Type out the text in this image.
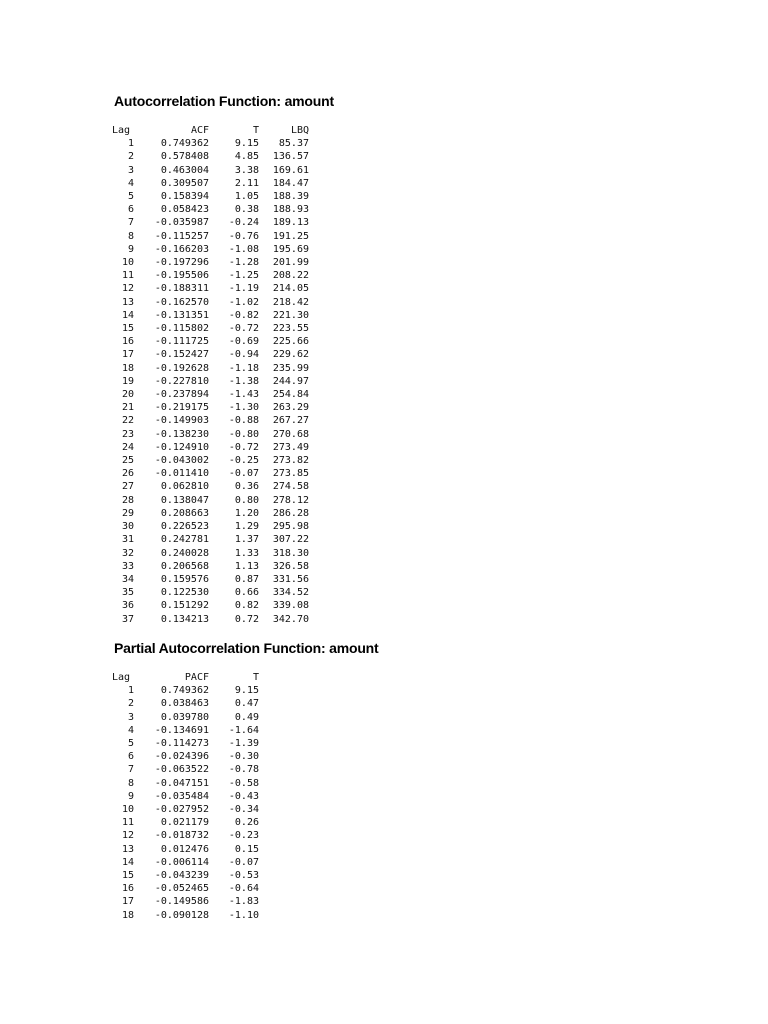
Autocorrelation Function: amount
Lag	ACF	T	LBQ
1	0.749362	9.15	85.37
2	0.578408	4.85	136.57
3	0.463004	3.38	169.61
4	0.309507	2.11	184.47
5	0.158394	1.05	188.39
6	0.058423	0.38	188.93
7	-0.035987	-0.24	189.13
8	-0.115257	-0.76	191.25
9	-0.166203	-1.08	195.69
10	-0.197296	-1.28	201.99
11	-0.195506	-1.25	208.22
12	-0.188311	-1.19	214.05
13	-0.162570	-1.02	218.42
14	-0.131351	-0.82	221.30
15	-0.115802	-0.72	223.55
16	-0.111725	-0.69	225.66
17	-0.152427	-0.94	229.62
18	-0.192628	-1.18	235.99
19	-0.227810	-1.38	244.97
20	-0.237894	-1.43	254.84
21	-0.219175	-1.30	263.29
22	-0.149903	-0.88	267.27
23	-0.138230	-0.80	270.68
24	-0.124910	-0.72	273.49
25	-0.043002	-0.25	273.82
26	-0.011410	-0.07	273.85
27	0.062810	0.36	274.58
28	0.138047	0.80	278.12
29	0.208663	1.20	286.28
30	0.226523	1.29	295.98
31	0.242781	1.37	307.22
32	0.240028	1.33	318.30
33	0.206568	1.13	326.58
34	0.159576	0.87	331.56
35	0.122530	0.66	334.52
36	0.151292	0.82	339.08
37	0.134213	0.72	342.70
Partial Autocorrelation Function: amount
Lag	PACF	T
1	0.749362	9.15
2	0.038463	0.47
3	0.039780	0.49
4	-0.134691	-1.64
5	-0.114273	-1.39
6	-0.024396	-0.30
7	-0.063522	-0.78
8	-0.047151	-0.58
9	-0.035484	-0.43
10	-0.027952	-0.34
11	0.021179	0.26
12	-0.018732	-0.23
13	0.012476	0.15
14	-0.006114	-0.07
15	-0.043239	-0.53
16	-0.052465	-0.64
17	-0.149586	-1.83
18	-0.090128	-1.10
